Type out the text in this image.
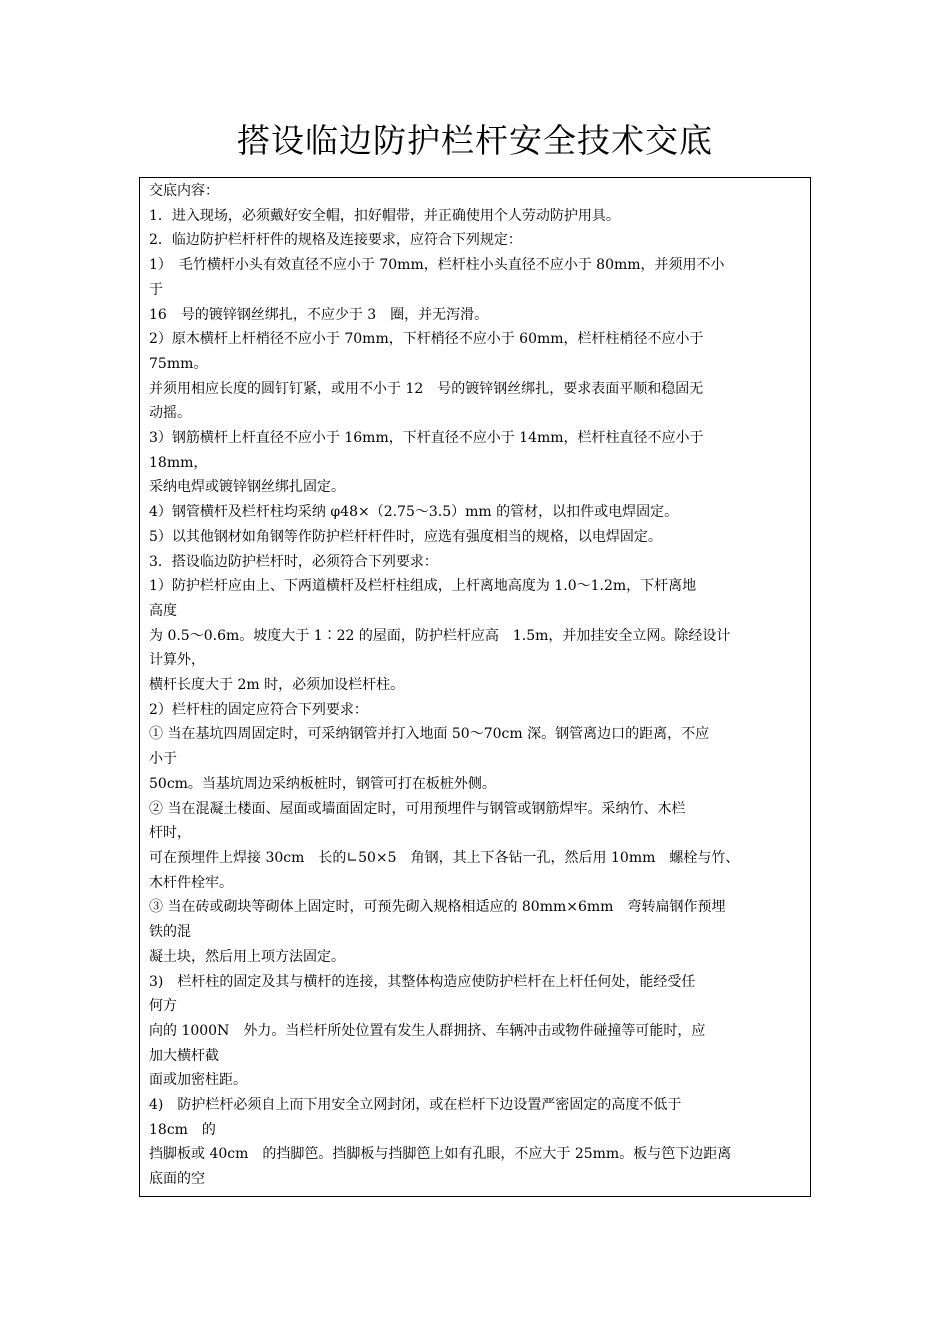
搭设临边防护栏杆安全技术交底

交底内容：

1．进入现场，必须戴好安全帽，扣好帽带，并正确使用个人劳动防护用具。

2．临边防护栏杆杆件的规格及连接要求，应符合下列规定：

1）　毛竹横杆小头有效直径不应小于 70mm，栏杆柱小头直径不应小于 80mm，并须用不小

于

16　号的镀锌钢丝绑扎，不应少于 3　圈，并无泻滑。

2）原木横杆上杆梢径不应小于 70mm，下杆梢径不应小于 60mm，栏杆柱梢径不应小于

75mm。

并须用相应长度的圆钉钉紧，或用不小于 12　号的镀锌钢丝绑扎，要求表面平顺和稳固无

动摇。

3）钢筋横杆上杆直径不应小于 16mm，下杆直径不应小于 14mm，栏杆柱直径不应小于

18mm，

采纳电焊或镀锌钢丝绑扎固定。

4）钢管横杆及栏杆柱均采纳 φ48×（2.75～3.5）mm 的管材，以扣件或电焊固定。

5）以其他钢材如角钢等作防护栏杆杆件时，应选有强度相当的规格，以电焊固定。

3．搭设临边防护栏杆时，必须符合下列要求：

1）防护栏杆应由上、下两道横杆及栏杆柱组成，上杆离地高度为 1.0～1.2m，下杆离地

高度

为 0.5～0.6m。坡度大于 1∶22 的屋面，防护栏杆应高　1.5m，并加挂安全立网。除经设计

计算外，

横杆长度大于 2m 时，必须加设栏杆柱。

2）栏杆柱的固定应符合下列要求：

① 当在基坑四周固定时，可采纳钢管并打入地面 50～70cm 深。钢管离边口的距离，不应

小于

50cm。当基坑周边采纳板桩时，钢管可打在板桩外侧。

② 当在混凝土楼面、屋面或墙面固定时，可用预埋件与钢管或钢筋焊牢。采纳竹、木栏

杆时，

可在预埋件上焊接 30cm　长的∟50×5　角钢，其上下各钻一孔，然后用 10mm　螺栓与竹、

木杆件栓牢。

③ 当在砖或砌块等砌体上固定时，可预先砌入规格相适应的 80mm×6mm　弯转扁钢作预埋

铁的混

凝土块，然后用上项方法固定。

3)　栏杆柱的固定及其与横杆的连接，其整体构造应使防护栏杆在上杆任何处，能经受任

何方

向的 1000N　外力。当栏杆所处位置有发生人群拥挤、车辆冲击或物件碰撞等可能时，应

加大横杆截

面或加密柱距。

4)　防护栏杆必须自上而下用安全立网封闭，或在栏杆下边设置严密固定的高度不低于

18cm　的

挡脚板或 40cm　的挡脚笆。挡脚板与挡脚笆上如有孔眼，不应大于 25mm。板与笆下边距离

底面的空
